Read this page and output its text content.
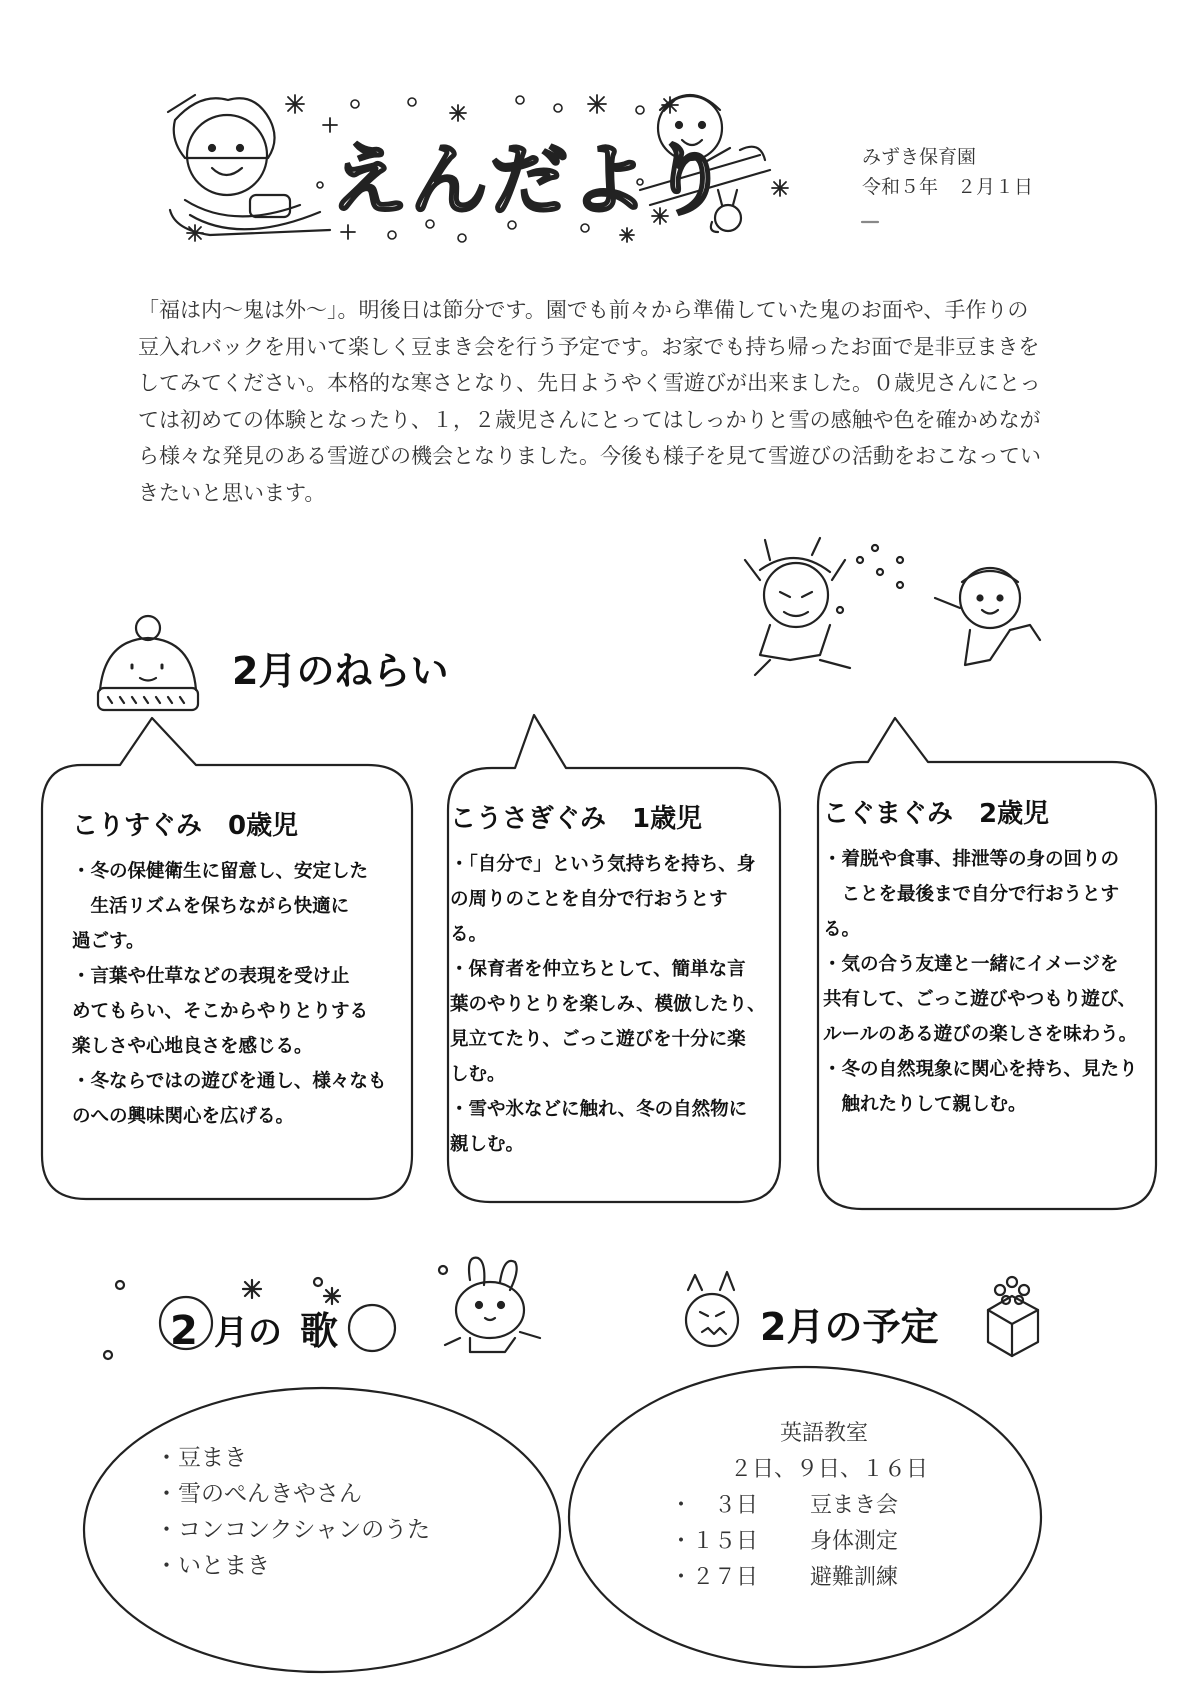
えんだより	みずき保育園
令和５年　２月１日

「福は内〜鬼は外〜」。明後日は節分です。園でも前々から準備していた鬼のお面や、手作りの

豆入れバックを用いて楽しく豆まき会を行う予定です。お家でも持ち帰ったお面で是非豆まきを

してみてください。本格的な寒さとなり、先日ようやく雪遊びが出来ました。０歳児さんにとっ

ては初めての体験となったり、１，２歳児さんにとってはしっかりと雪の感触や色を確かめなが

ら様々な発見のある雪遊びの機会となりました。今後も様子を見て雪遊びの活動をおこなってい

きたいと思います。

2月のねらい
こりすぐみ　0歳児
・冬の保健衛生に留意し、安定した
　生活リズムを保ちながら快適に
過ごす。
・言葉や仕草などの表現を受け止
めてもらい、そこからやりとりする
楽しさや心地良さを感じる。
・冬ならではの遊びを通し、様々なも
のへの興味関心を広げる。
こうさぎぐみ　1歳児
・「自分で」という気持ちを持ち、身
の周りのことを自分で行おうとす
る。
・保育者を仲立ちとして、簡単な言
葉のやりとりを楽しみ、模倣したり、
見立てたり、ごっこ遊びを十分に楽
しむ。
・雪や氷などに触れ、冬の自然物に
親しむ。
こぐまぐみ　2歳児
・着脱や食事、排泄等の身の回りの
　ことを最後まで自分で行おうとす
る。
・気の合う友達と一緒にイメージを
共有して、ごっこ遊びやつもり遊び、
ルールのある遊びの楽しさを味わう。
・冬の自然現象に関心を持ち、見たり
　触れたりして親しむ。
2 月の 歌
・ 豆まき
・ 雪のぺんきやさん
・ コンコンクシャンのうた
・ いとまき
2月の予定
英語教室
２日、９日、１６日
・　３日	豆まき会
・１５日	身体測定
・２７日	避難訓練
